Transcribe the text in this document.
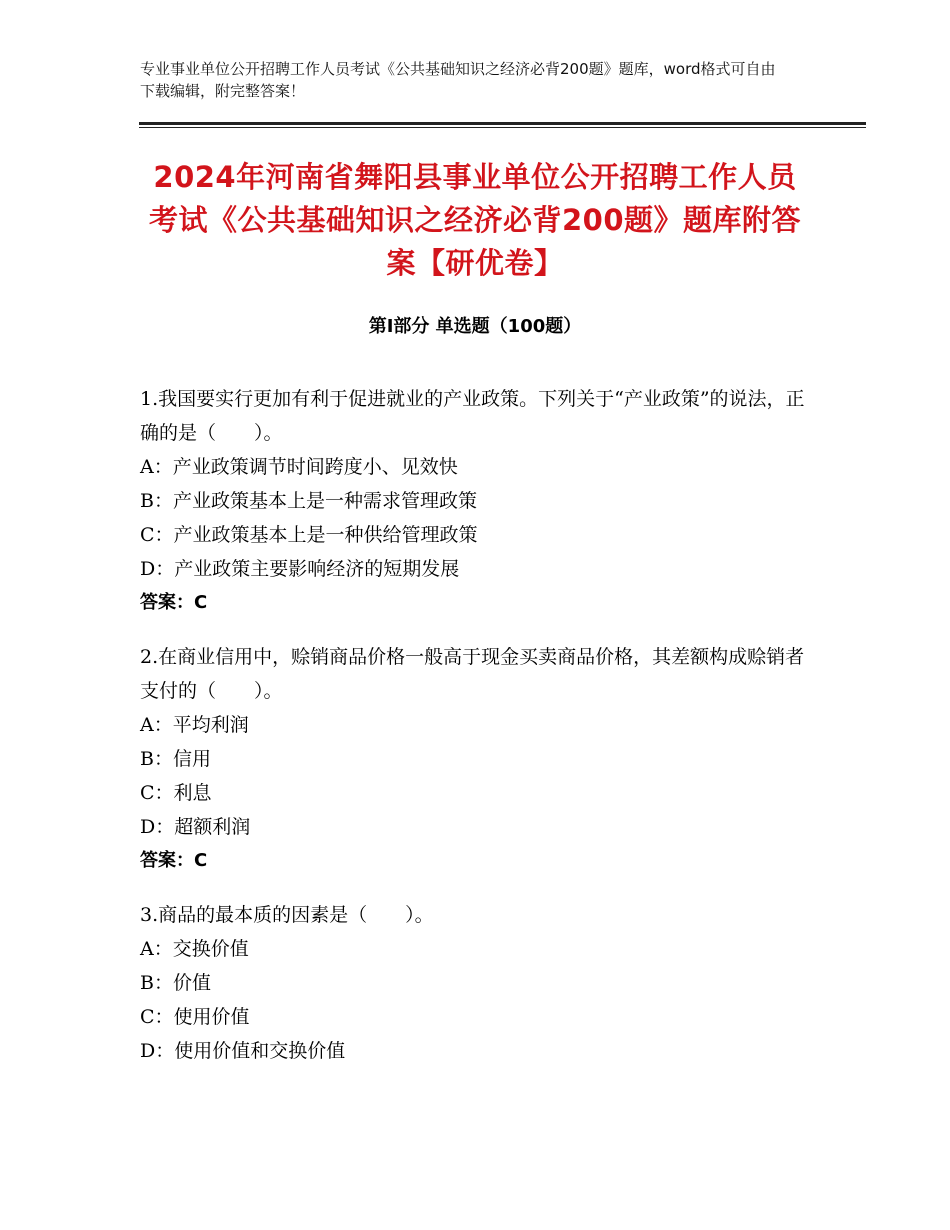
专业事业单位公开招聘工作人员考试《公共基础知识之经济必背200题》题库，word格式可自由下载编辑，附完整答案！
2024年河南省舞阳县事业单位公开招聘工作人员考试《公共基础知识之经济必背200题》题库附答案【研优卷】
第Ⅰ部分 单选题（100题）

1.我国要实行更加有利于促进就业的产业政策。下列关于“产业政策”的说法，正确的是（　　）。

A：产业政策调节时间跨度小、见效快

B：产业政策基本上是一种需求管理政策

C：产业政策基本上是一种供给管理政策

D：产业政策主要影响经济的短期发展

答案：C

2.在商业信用中，赊销商品价格一般高于现金买卖商品价格，其差额构成赊销者支付的（　　）。

A：平均利润

B：信用

C：利息

D：超额利润

答案：C

3.商品的最本质的因素是（　　）。

A：交换价值

B：价值

C：使用价值

D：使用价值和交换价值
